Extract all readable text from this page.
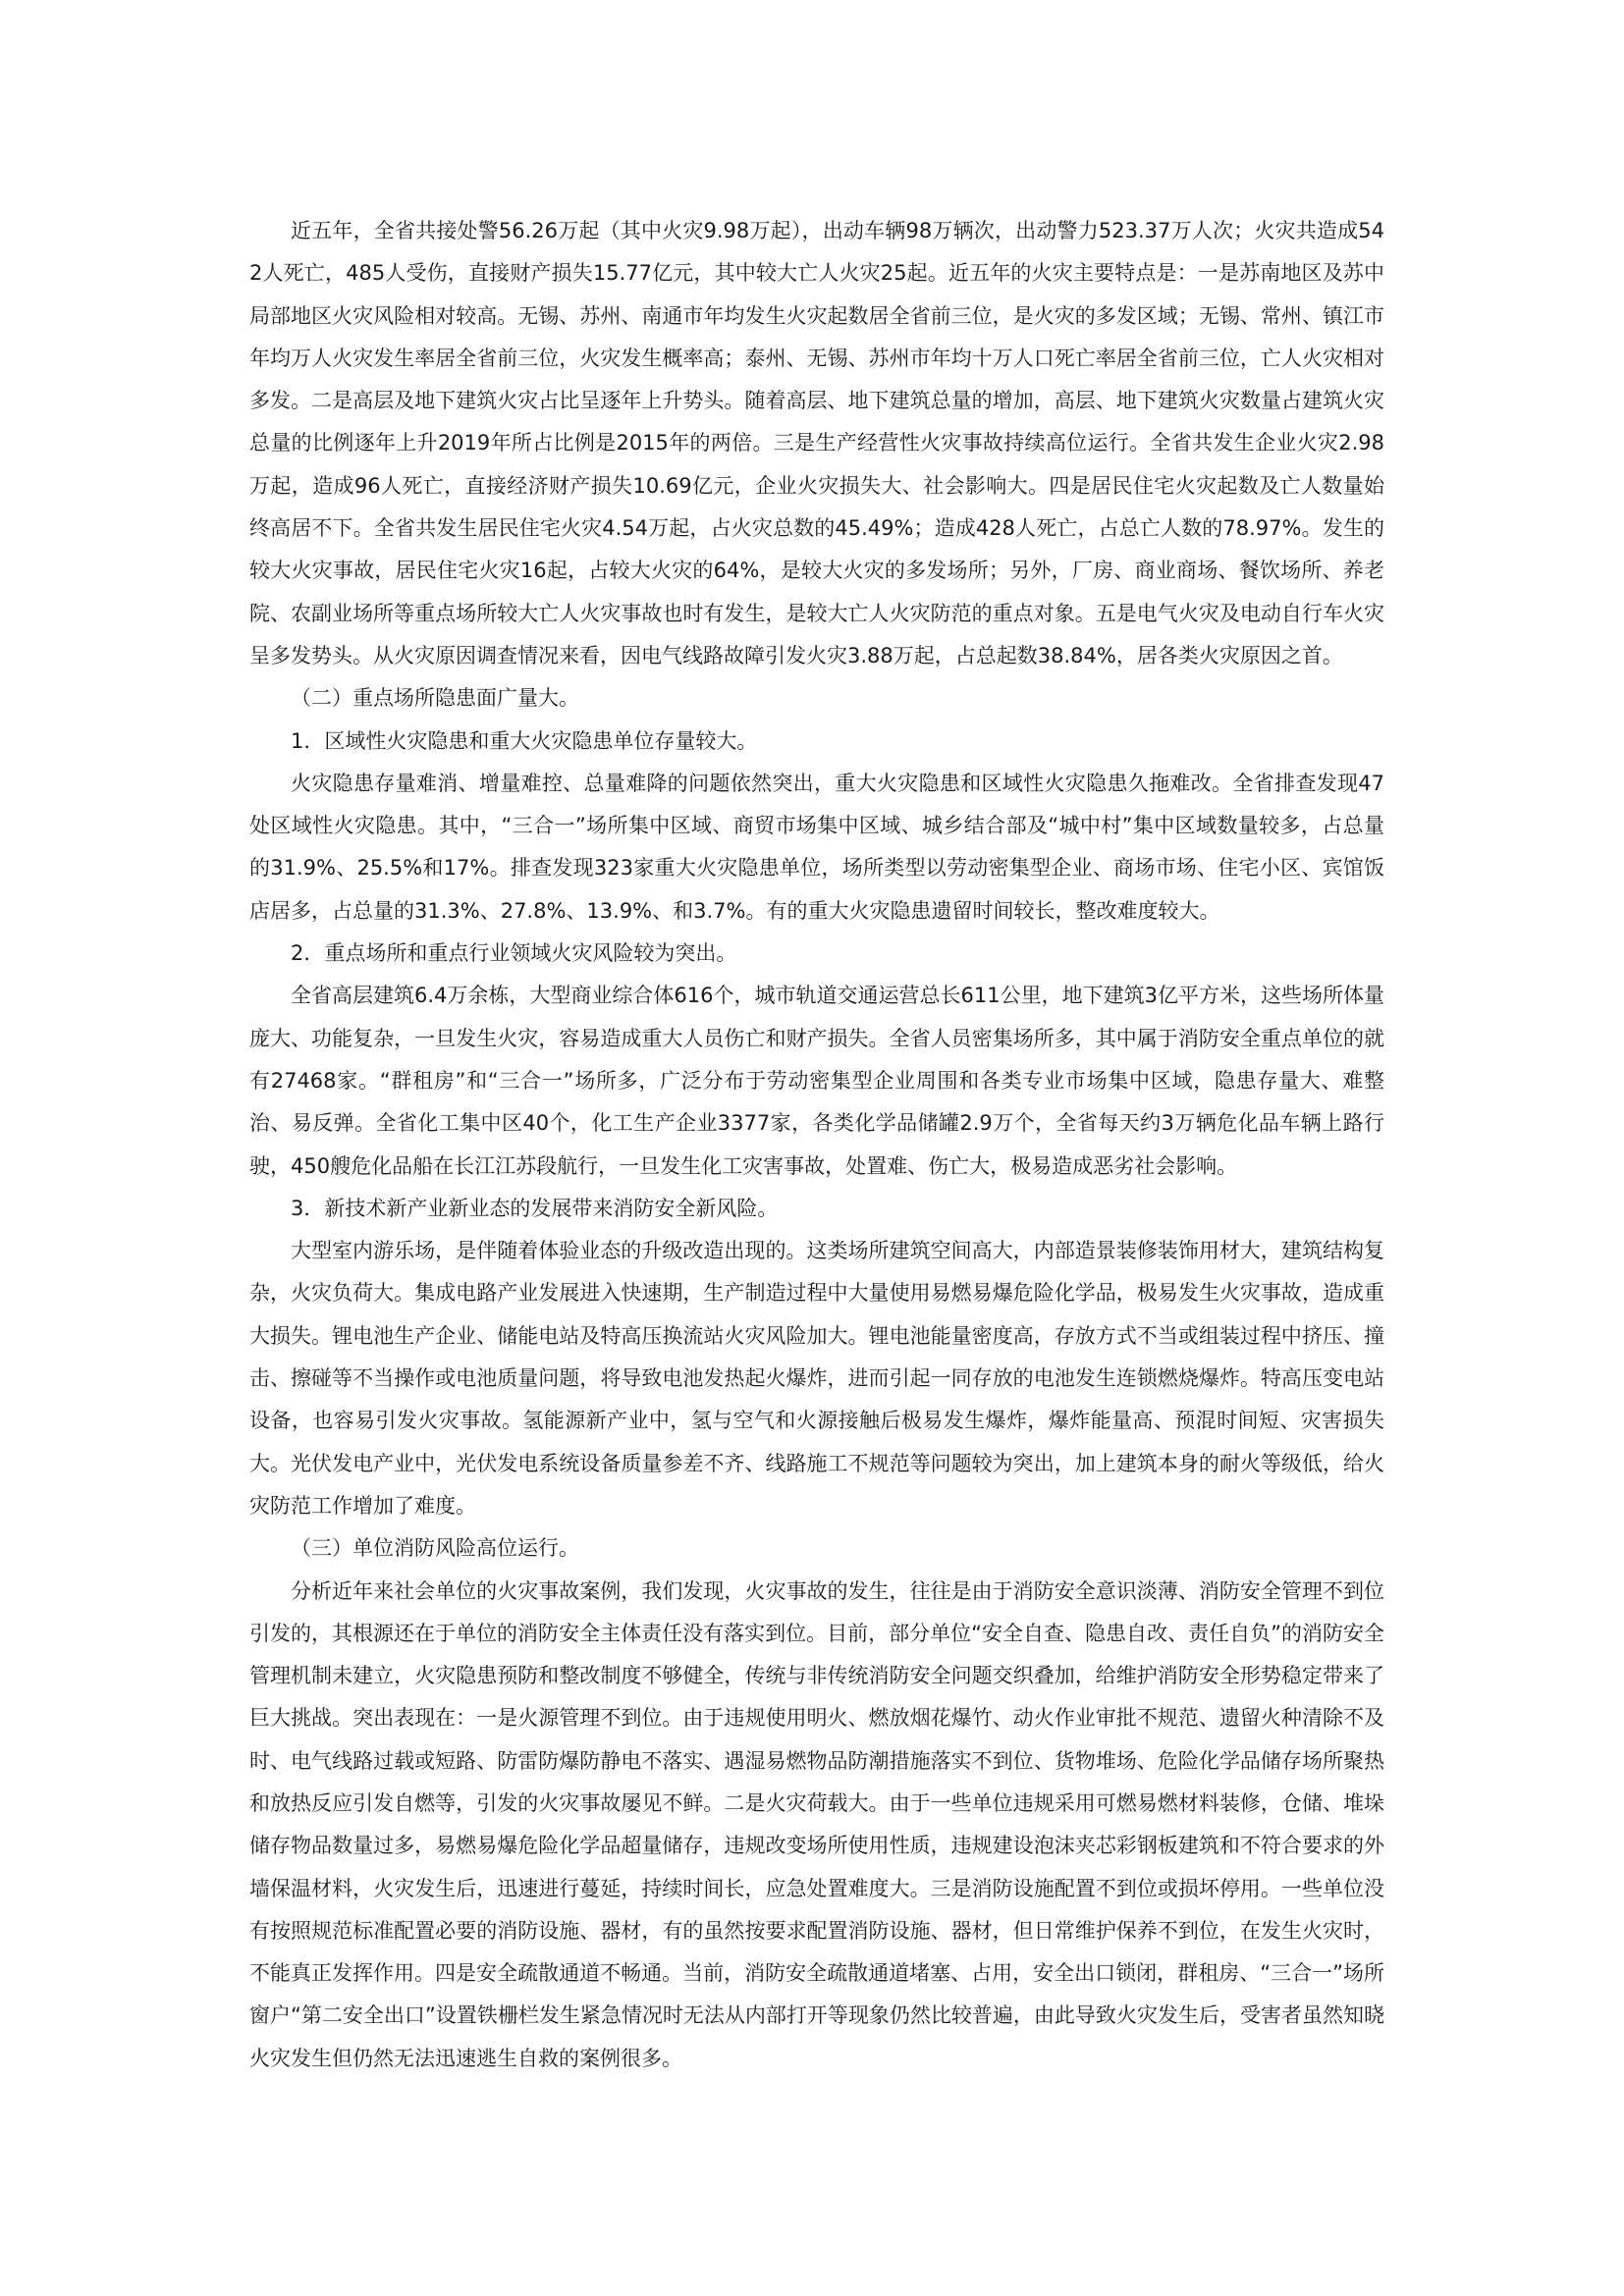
近五年，全省共接处警56.26万起（其中火灾9.98万起），出动车辆98万辆次，出动警力523.37万人次；火灾共造成542人死亡，485人受伤，直接财产损失15.77亿元，其中较大亡人火灾25起。近五年的火灾主要特点是：一是苏南地区及苏中局部地区火灾风险相对较高。无锡、苏州、南通市年均发生火灾起数居全省前三位，是火灾的多发区域；无锡、常州、镇江市年均万人火灾发生率居全省前三位，火灾发生概率高；泰州、无锡、苏州市年均十万人口死亡率居全省前三位，亡人火灾相对多发。二是高层及地下建筑火灾占比呈逐年上升势头。随着高层、地下建筑总量的增加，高层、地下建筑火灾数量占建筑火灾总量的比例逐年上升2019年所占比例是2015年的两倍。三是生产经营性火灾事故持续高位运行。全省共发生企业火灾2.98万起，造成96人死亡，直接经济财产损失10.69亿元，企业火灾损失大、社会影响大。四是居民住宅火灾起数及亡人数量始终高居不下。全省共发生居民住宅火灾4.54万起，占火灾总数的45.49%；造成428人死亡，占总亡人数的78.97%。发生的较大火灾事故，居民住宅火灾16起，占较大火灾的64%，是较大火灾的多发场所；另外，厂房、商业商场、餐饮场所、养老院、农副业场所等重点场所较大亡人火灾事故也时有发生，是较大亡人火灾防范的重点对象。五是电气火灾及电动自行车火灾呈多发势头。从火灾原因调查情况来看，因电气线路故障引发火灾3.88万起，占总起数38.84%，居各类火灾原因之首。

（二）重点场所隐患面广量大。

1．区域性火灾隐患和重大火灾隐患单位存量较大。

火灾隐患存量难消、增量难控、总量难降的问题依然突出，重大火灾隐患和区域性火灾隐患久拖难改。全省排查发现47处区域性火灾隐患。其中，“三合一”场所集中区域、商贸市场集中区域、城乡结合部及“城中村”集中区域数量较多，占总量的31.9%、25.5%和17%。排查发现323家重大火灾隐患单位，场所类型以劳动密集型企业、商场市场、住宅小区、宾馆饭店居多，占总量的31.3%、27.8%、13.9%、和3.7%。有的重大火灾隐患遗留时间较长，整改难度较大。

2．重点场所和重点行业领域火灾风险较为突出。

全省高层建筑6.4万余栋，大型商业综合体616个，城市轨道交通运营总长611公里，地下建筑3亿平方米，这些场所体量庞大、功能复杂，一旦发生火灾，容易造成重大人员伤亡和财产损失。全省人员密集场所多，其中属于消防安全重点单位的就有27468家。“群租房”和“三合一”场所多，广泛分布于劳动密集型企业周围和各类专业市场集中区域，隐患存量大、难整治、易反弹。全省化工集中区40个，化工生产企业3377家，各类化学品储罐2.9万个，全省每天约3万辆危化品车辆上路行驶，450艘危化品船在长江江苏段航行，一旦发生化工灾害事故，处置难、伤亡大，极易造成恶劣社会影响。

3．新技术新产业新业态的发展带来消防安全新风险。

大型室内游乐场，是伴随着体验业态的升级改造出现的。这类场所建筑空间高大，内部造景装修装饰用材大，建筑结构复杂，火灾负荷大。集成电路产业发展进入快速期，生产制造过程中大量使用易燃易爆危险化学品，极易发生火灾事故，造成重大损失。锂电池生产企业、储能电站及特高压换流站火灾风险加大。锂电池能量密度高，存放方式不当或组装过程中挤压、撞击、擦碰等不当操作或电池质量问题，将导致电池发热起火爆炸，进而引起一同存放的电池发生连锁燃烧爆炸。特高压变电站设备，也容易引发火灾事故。氢能源新产业中，氢与空气和火源接触后极易发生爆炸，爆炸能量高、预混时间短、灾害损失大。光伏发电产业中，光伏发电系统设备质量参差不齐、线路施工不规范等问题较为突出，加上建筑本身的耐火等级低，给火灾防范工作增加了难度。

（三）单位消防风险高位运行。

分析近年来社会单位的火灾事故案例，我们发现，火灾事故的发生，往往是由于消防安全意识淡薄、消防安全管理不到位引发的，其根源还在于单位的消防安全主体责任没有落实到位。目前，部分单位“安全自查、隐患自改、责任自负”的消防安全管理机制未建立，火灾隐患预防和整改制度不够健全，传统与非传统消防安全问题交织叠加，给维护消防安全形势稳定带来了巨大挑战。突出表现在：一是火源管理不到位。由于违规使用明火、燃放烟花爆竹、动火作业审批不规范、遗留火种清除不及时、电气线路过载或短路、防雷防爆防静电不落实、遇湿易燃物品防潮措施落实不到位、货物堆场、危险化学品储存场所聚热和放热反应引发自燃等，引发的火灾事故屡见不鲜。二是火灾荷载大。由于一些单位违规采用可燃易燃材料装修，仓储、堆垛储存物品数量过多，易燃易爆危险化学品超量储存，违规改变场所使用性质，违规建设泡沫夹芯彩钢板建筑和不符合要求的外墙保温材料，火灾发生后，迅速进行蔓延，持续时间长，应急处置难度大。三是消防设施配置不到位或损坏停用。一些单位没有按照规范标准配置必要的消防设施、器材，有的虽然按要求配置消防设施、器材，但日常维护保养不到位，在发生火灾时，不能真正发挥作用。四是安全疏散通道不畅通。当前，消防安全疏散通道堵塞、占用，安全出口锁闭，群租房、“三合一”场所窗户“第二安全出口”设置铁栅栏发生紧急情况时无法从内部打开等现象仍然比较普遍，由此导致火灾发生后，受害者虽然知晓火灾发生但仍然无法迅速逃生自救的案例很多。
